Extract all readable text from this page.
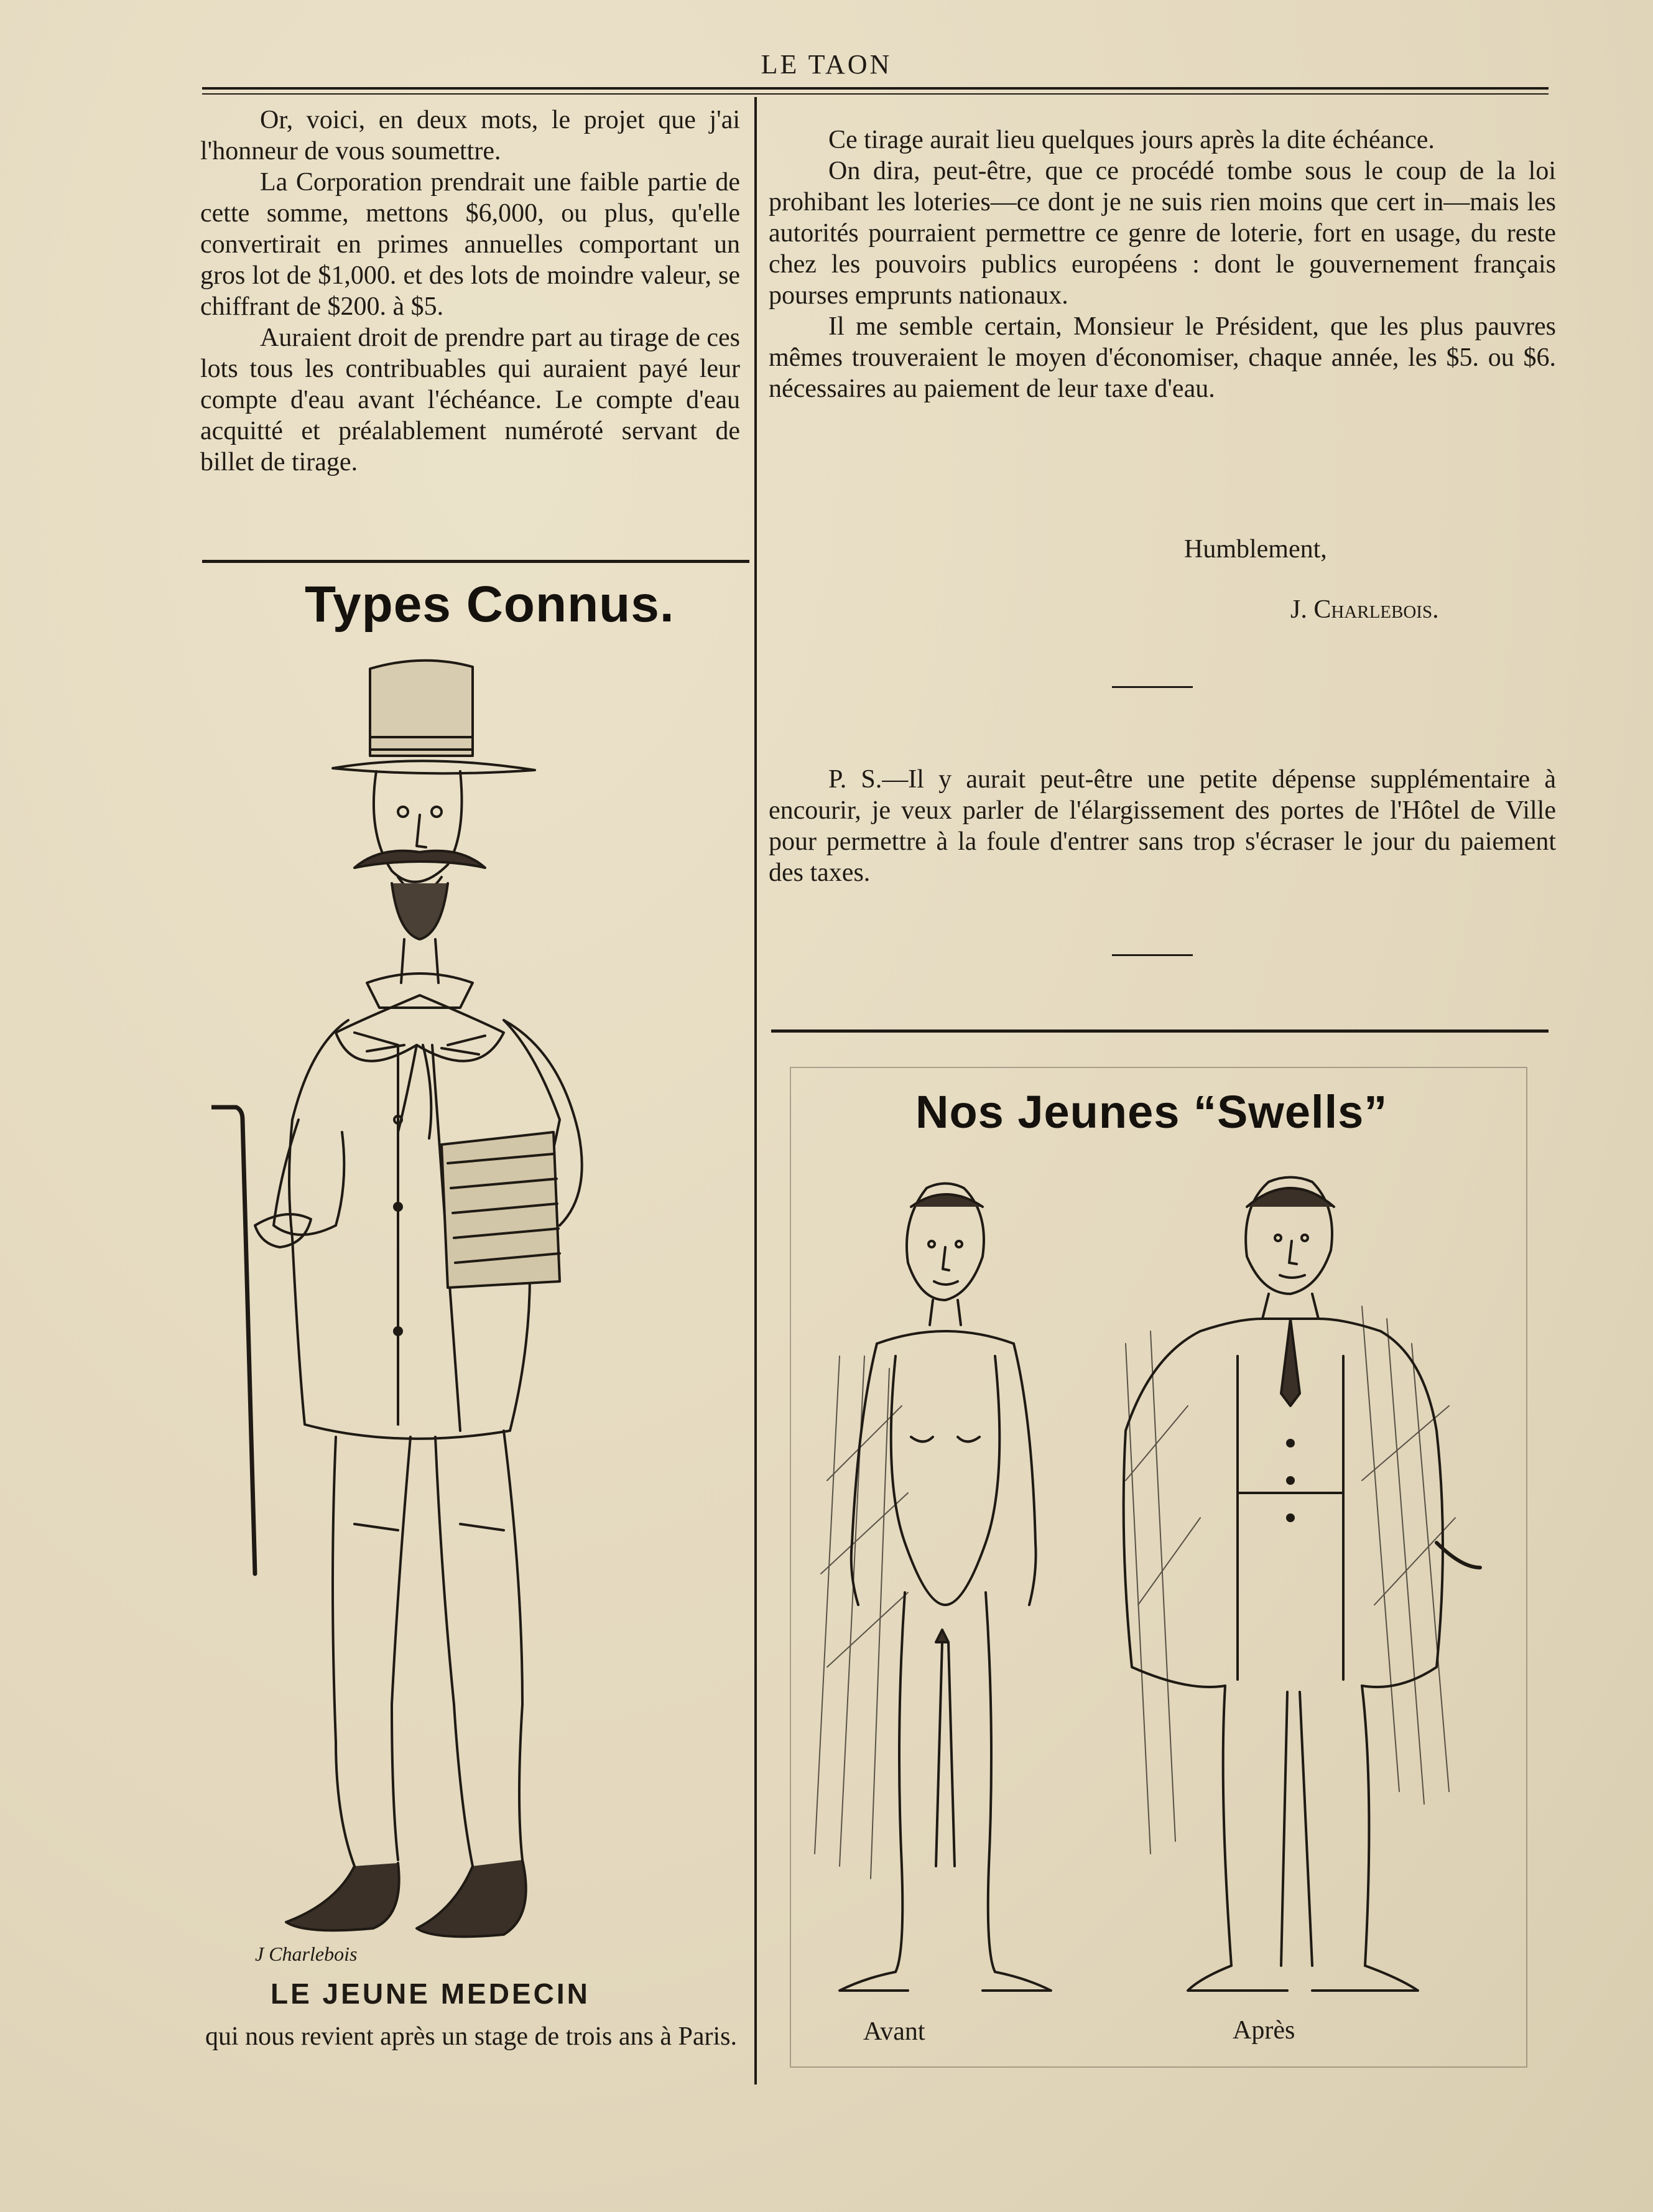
LE TAON

Or, voici, en deux mots, le projet que j'ai l'honneur de vous soumettre.

La Corporation prendrait une faible partie de cette somme, mettons $6,000, ou plus, qu'elle convertirait en primes annuelles comportant un gros lot de $1,000. et des lots de moindre valeur, se chiffrant de $200. à $5.

Auraient droit de prendre part au tirage de ces lots tous les contribuables qui auraient payé leur compte d'eau avant l'échéance. Le compte d'eau acquitté et préalablement numéroté servant de billet de tirage.

Types Connus.
J Charlebois
LE JEUNE MEDECIN
qui nous revient après un stage de trois ans à Paris.

Ce tirage aurait lieu quelques jours après la dite échéance.

On dira, peut-être, que ce procédé tombe sous le coup de la loi prohibant les loteries—ce dont je ne suis rien moins que cert in—mais les autorités pourraient permettre ce genre de loterie, fort en usage, du reste chez les pouvoirs publics européens : dont le gouvernement français pourses emprunts nationaux.

Il me semble certain, Monsieur le Président, que les plus pauvres mêmes trouveraient le moyen d'économiser, chaque année, les $5. ou $6. nécessaires au paiement de leur taxe d'eau.

Humblement,
J. Charlebois.

P. S.—Il y aurait peut-être une petite dépense supplémentaire à encourir, je veux parler de l'élargissement des portes de l'Hôtel de Ville pour permettre à la foule d'entrer sans trop s'écraser le jour du paiement des taxes.

Nos Jeunes “Swells”
Avant	Après
